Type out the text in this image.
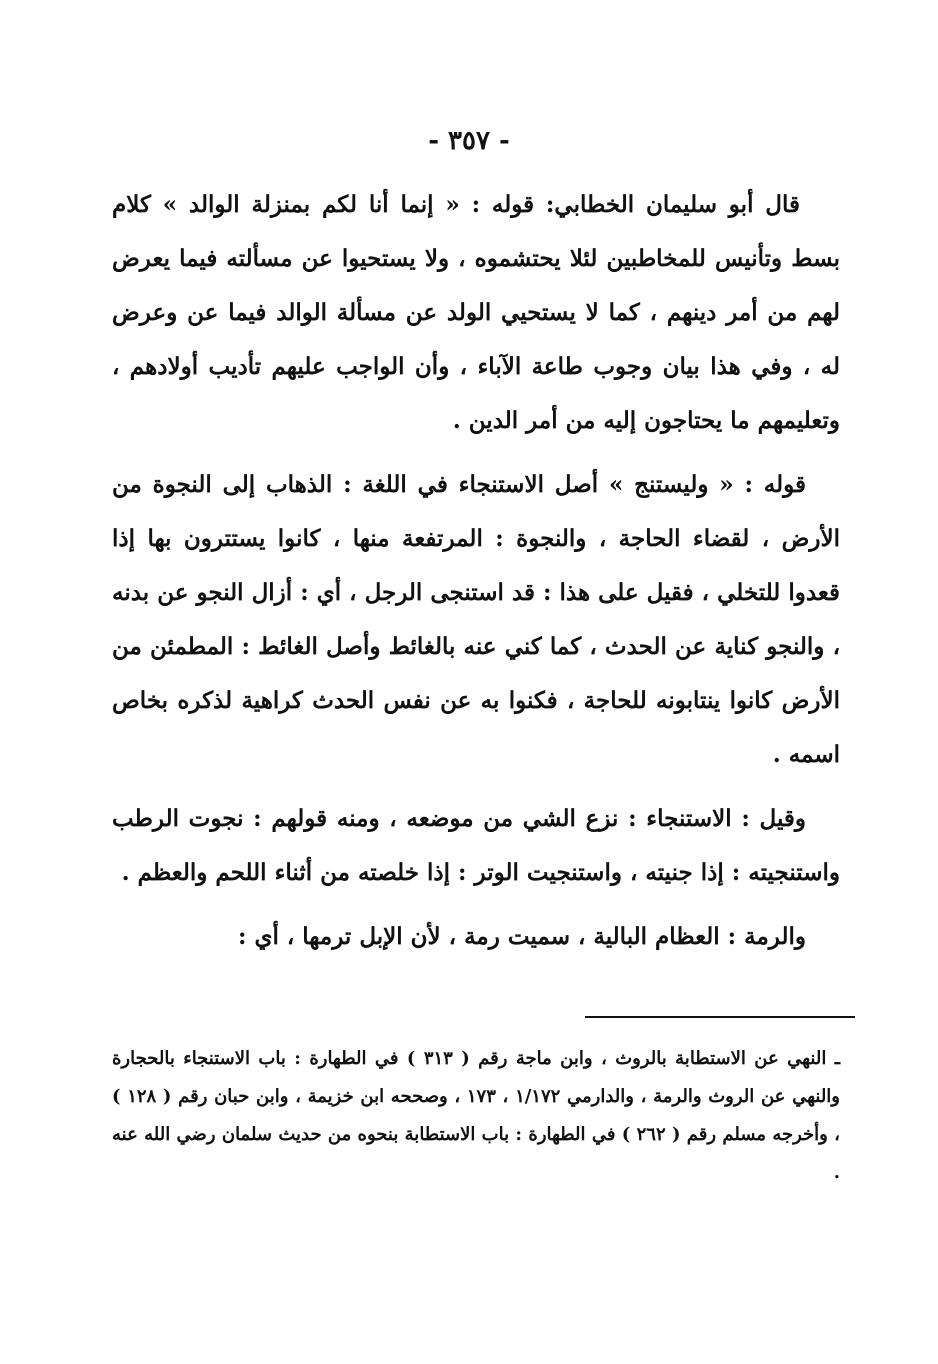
- ٣٥٧ -

قال أبو سليمان الخطابي: قوله : « إنما أنا لكم بمنزلة الوالد » كلام بسط وتأنيس للمخاطبين لئلا يحتشموه ، ولا يستحيوا عن مسألته فيما يعرض لهم من أمر دينهم ، كما لا يستحيي الولد عن مسألة الوالد فيما عن وعرض له ، وفي هذا بيان وجوب طاعة الآباء ، وأن الواجب عليهم تأديب أولادهم ، وتعليمهم ما يحتاجون إليه من أمر الدين .

قوله : « وليستنج » أصل الاستنجاء في اللغة : الذهاب إلى النجوة من الأرض ، لقضاء الحاجة ، والنجوة : المرتفعة منها ، كانوا يستترون بها إذا قعدوا للتخلي ، فقيل على هذا : قد استنجى الرجل ، أي : أزال النجو عن بدنه ، والنجو كناية عن الحدث ، كما كني عنه بالغائط وأصل الغائط : المطمئن من الأرض كانوا ينتابونه للحاجة ، فكنوا به عن نفس الحدث كراهية لذكره بخاص اسمه .

وقيل : الاستنجاء : نزع الشي من موضعه ، ومنه قولهم : نجوت الرطب واستنجيته : إذا جنيته ، واستنجيت الوتر : إذا خلصته من أثناء اللحم والعظم .

والرمة : العظام البالية ، سميت رمة ، لأن الإبل ترمها ، أي :

ـ النهي عن الاستطابة بالروث ، وابن ماجة رقم ( ٣١٣ ) في الطهارة : باب الاستنجاء بالحجارة والنهي عن الروث والرمة ، والدارمي ١/١٧٢ ، ١٧٣ ، وصححه ابن خزيمة ، وابن حبان رقم ( ١٢٨ ) ، وأخرجه مسلم رقم ( ٢٦٢ ) في الطهارة : باب الاستطابة بنحوه من حديث سلمان رضي الله عنه .
